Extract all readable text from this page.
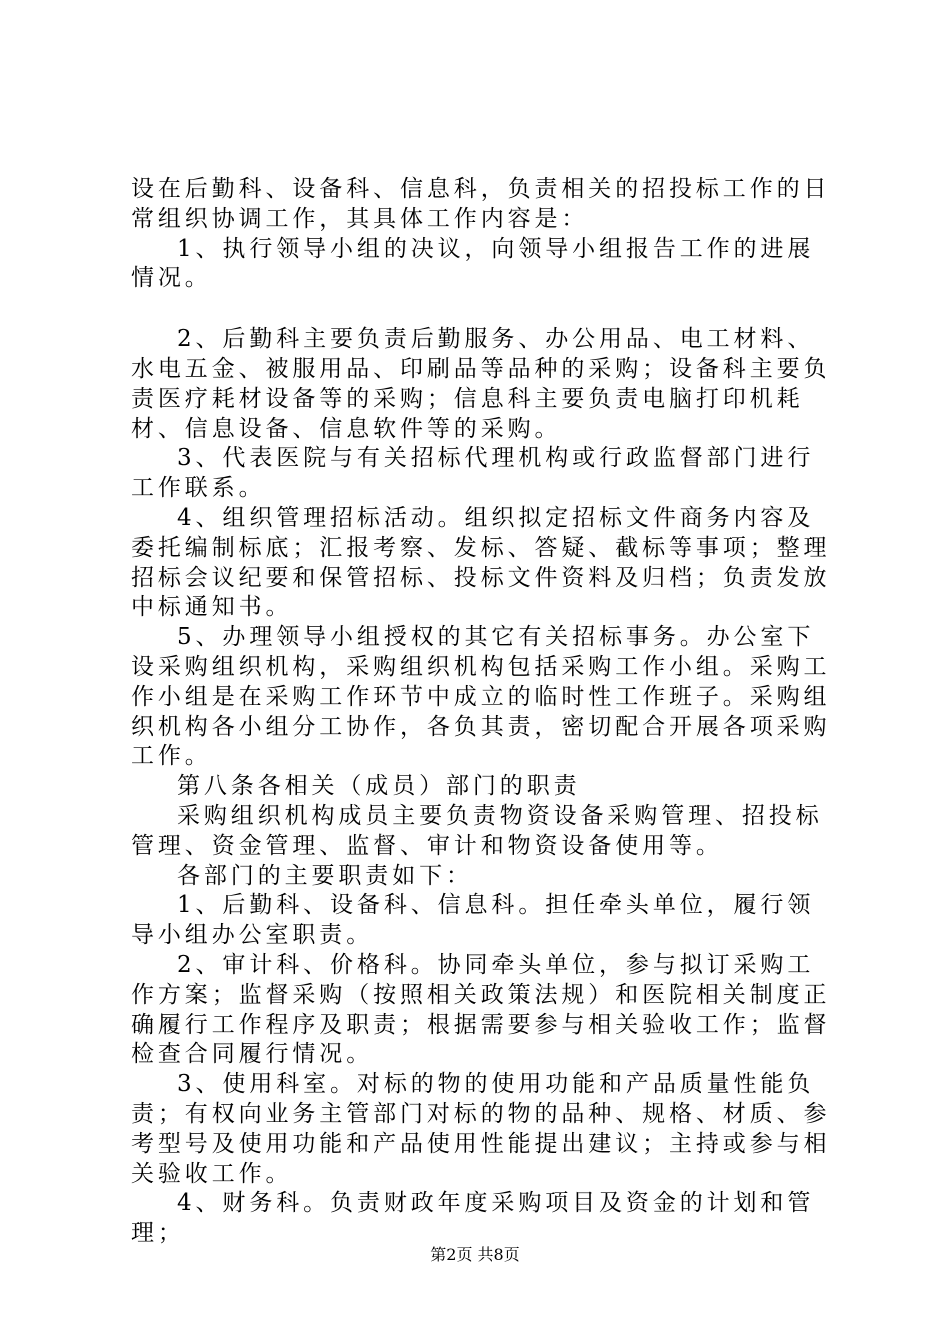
设在后勤科、设备科、信息科，负责相关的招投标工作的日常组织协调工作，其具体工作内容是：

1、执行领导小组的决议，向领导小组报告工作的进展情况。

2、后勤科主要负责后勤服务、办公用品、电工材料、水电五金、被服用品、印刷品等品种的采购；设备科主要负责医疗耗材设备等的采购；信息科主要负责电脑打印机耗材、信息设备、信息软件等的采购。

3、代表医院与有关招标代理机构或行政监督部门进行工作联系。

4、组织管理招标活动。组织拟定招标文件商务内容及委托编制标底；汇报考察、发标、答疑、截标等事项；整理招标会议纪要和保管招标、投标文件资料及归档；负责发放中标通知书。

5、办理领导小组授权的其它有关招标事务。办公室下设采购组织机构，采购组织机构包括采购工作小组。采购工作小组是在采购工作环节中成立的临时性工作班子。采购组织机构各小组分工协作，各负其责，密切配合开展各项采购工作。

第八条各相关（成员）部门的职责

采购组织机构成员主要负责物资设备采购管理、招投标管理、资金管理、监督、审计和物资设备使用等。

各部门的主要职责如下：

1、后勤科、设备科、信息科。担任牵头单位，履行领导小组办公室职责。

2、审计科、价格科。协同牵头单位，参与拟订采购工作方案；监督采购（按照相关政策法规）和医院相关制度正确履行工作程序及职责；根据需要参与相关验收工作；监督检查合同履行情况。

3、使用科室。对标的物的使用功能和产品质量性能负责；有权向业务主管部门对标的物的品种、规格、材质、参考型号及使用功能和产品使用性能提出建议；主持或参与相关验收工作。

4、财务科。负责财政年度采购项目及资金的计划和管理；

第2页 共8页
